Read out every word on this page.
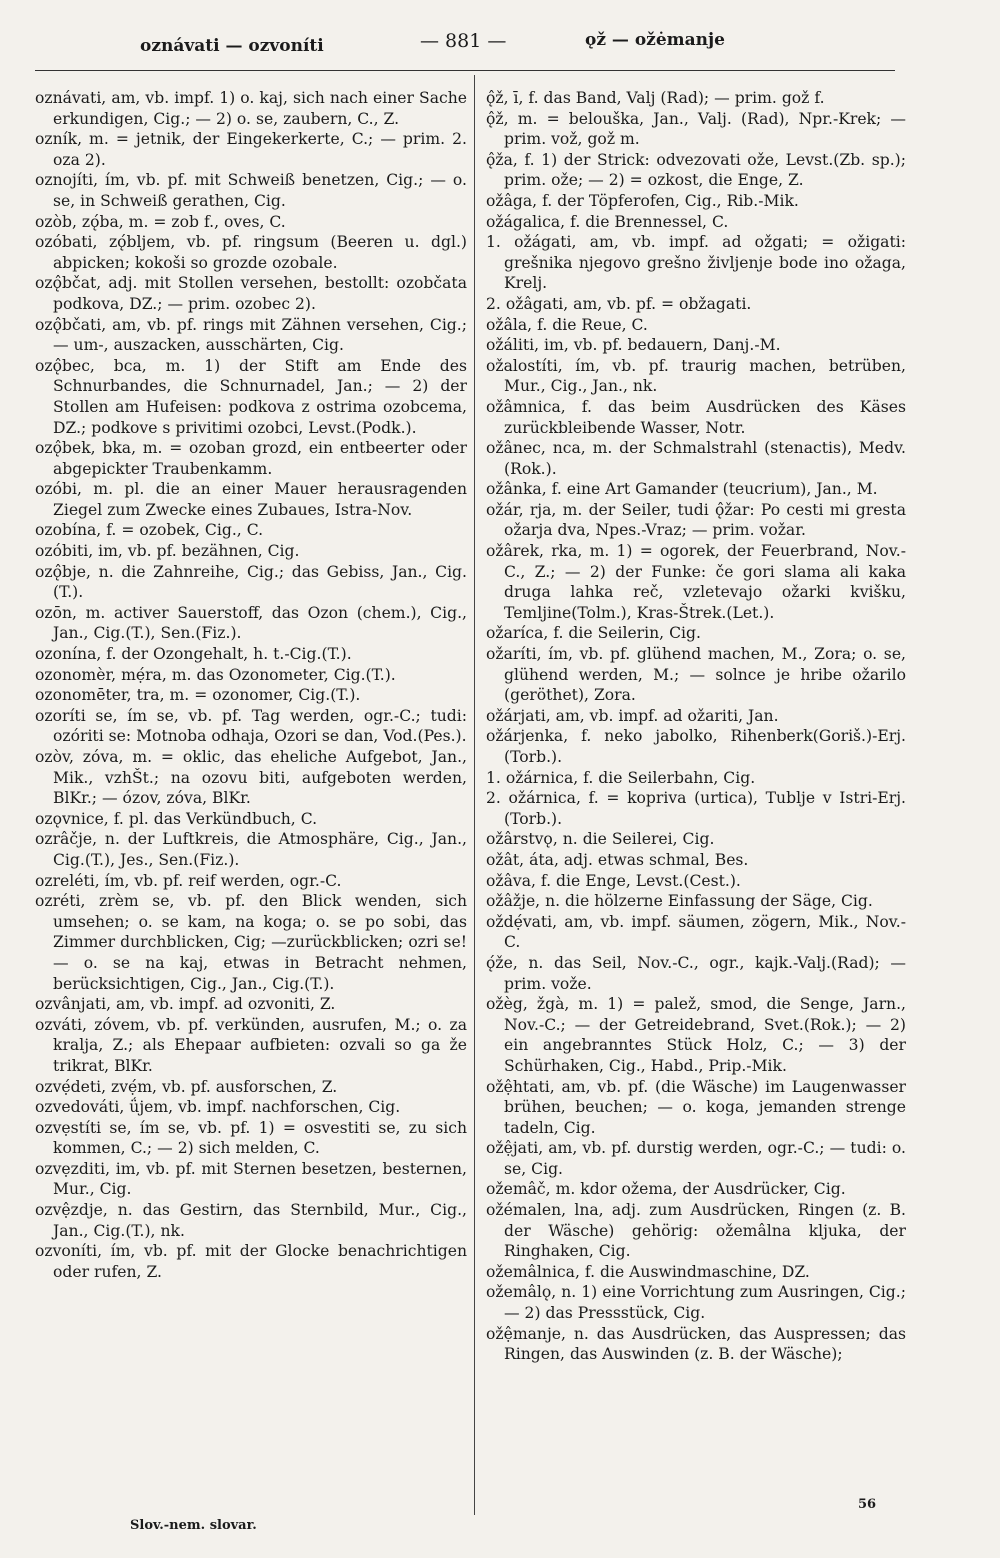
oznávati — ozvoníti	— 881 —	ǫž — ožėmanje

oznávati, am, vb. impf. 1) o. kaj, sich nach einer Sache erkundigen, Cig.; — 2) o. se, zaubern, C., Z.

ozník, m. = jetnik, der Eingekerkerte, C.; — prim. 2. oza 2).

oznojíti, ím, vb. pf. mit Schweiß benetzen, Cig.; — o. se, in Schweiß gerathen, Cig.

ozòb, zǫ́ba, m. = zob f., oves, C.

ozóbati, zǫ́bljem, vb. pf. ringsum (Beeren u. dgl.) abpicken; kokoši so grozde ozobale.

ozǫ̂bčat, adj. mit Stollen versehen, bestollt: ozobčata podkova, DZ.; — prim. ozobec 2).

ozǫ̂bčati, am, vb. pf. rings mit Zähnen versehen, Cig.; — um-, auszacken, ausschärten, Cig.

ozǫ̂bec, bca, m. 1) der Stift am Ende des Schnurbandes, die Schnurnadel, Jan.; — 2) der Stollen am Hufeisen: podkova z ostrima ozobcema, DZ.; podkove s privitimi ozobci, Levst.(Podk.).

ozǫ̂bek, bka, m. = ozoban grozd, ein entbeerter oder abgepickter Traubenkamm.

ozóbi, m. pl. die an einer Mauer herausragenden Ziegel zum Zwecke eines Zubaues, Istra-Nov.

ozobína, f. = ozobek, Cig., C.

ozóbiti, im, vb. pf. bezähnen, Cig.

ozǫ̂bje, n. die Zahnreihe, Cig.; das Gebiss, Jan., Cig.(T.).

ozōn, m. activer Sauerstoff, das Ozon (chem.), Cig., Jan., Cig.(T.), Sen.(Fiz.).

ozonína, f. der Ozongehalt, h. t.-Cig.(T.).

ozonomèr, mẹ́ra, m. das Ozonometer, Cig.(T.).

ozonomēter, tra, m. = ozonomer, Cig.(T.).

ozoríti se, ím se, vb. pf. Tag werden, ogr.-C.; tudi: ozóriti se: Motnoba odhaja, Ozori se dan, Vod.(Pes.).

ozòv, zóva, m. = oklic, das eheliche Aufgebot, Jan., Mik., vzhŠt.; na ozovu biti, aufgeboten werden, BlKr.; — ózov, zóva, BlKr.

ozǫvnice, f. pl. das Verkündbuch, C.

ozrâčje, n. der Luftkreis, die Atmosphäre, Cig., Jan., Cig.(T.), Jes., Sen.(Fiz.).

ozreléti, ím, vb. pf. reif werden, ogr.-C.

ozréti, zrèm se, vb. pf. den Blick wenden, sich umsehen; o. se kam, na koga; o. se po sobi, das Zimmer durchblicken, Cig; —zurückblicken; ozri se! — o. se na kaj, etwas in Betracht nehmen, berücksichtigen, Cig., Jan., Cig.(T.).

ozvânjati, am, vb. impf. ad ozvoniti, Z.

ozváti, zóvem, vb. pf. verkünden, ausrufen, M.; o. za kralja, Z.; als Ehepaar aufbieten: ozvali so ga že trikrat, BlKr.

ozvẹ́deti, zvẹ́m, vb. pf. ausforschen, Z.

ozvedováti, ǘjem, vb. impf. nachforschen, Cig.

ozvẹstíti se, ím se, vb. pf. 1) = osvestiti se, zu sich kommen, C.; — 2) sich melden, C.

ozvẹzditi, im, vb. pf. mit Sternen besetzen, besternen, Mur., Cig.

ozvệzdje, n. das Gestirn, das Sternbild, Mur., Cig., Jan., Cig.(T.), nk.

ozvoníti, ím, vb. pf. mit der Glocke benachrichtigen oder rufen, Z.

ǫ̂ž, ī, f. das Band, Valj (Rad); — prim. gož f.

ǫ̂ž, m. = belouška, Jan., Valj. (Rad), Npr.-Krek; — prim. vož, gož m.

ǫ̂ža, f. 1) der Strick: odvezovati ože, Levst.(Zb. sp.); prim. ože; — 2) = ozkost, die Enge, Z.

ožâga, f. der Töpferofen, Cig., Rib.-Mik.

ožágalica, f. die Brennessel, C.

1. ožágati, am, vb. impf. ad ožgati; = ožigati: grešnika njegovo grešno življenje bode ino ožaga, Krelj.

2. ožâgati, am, vb. pf. = obžagati.

ožâla, f. die Reue, C.

ožáliti, im, vb. pf. bedauern, Danj.-M.

ožalostíti, ím, vb. pf. traurig machen, betrüben, Mur., Cig., Jan., nk.

ožâmnica, f. das beim Ausdrücken des Käses zurückbleibende Wasser, Notr.

ožânec, nca, m. der Schmalstrahl (stenactis), Medv.(Rok.).

ožânka, f. eine Art Gamander (teucrium), Jan., M.

ožár, rja, m. der Seiler, tudi ǫ̂žar: Po cesti mi gresta ožarja dva, Npes.-Vraz; — prim. vožar.

ožârek, rka, m. 1) = ogorek, der Feuerbrand, Nov.-C., Z.; — 2) der Funke: če gori slama ali kaka druga lahka reč, vzletevajo ožarki kvišku, Temljine(Tolm.), Kras-Štrek.(Let.).

ožaríca, f. die Seilerin, Cig.

ožaríti, ím, vb. pf. glühend machen, M., Zora; o. se, glühend werden, M.; — solnce je hribe ožarilo (geröthet), Zora.

ožárjati, am, vb. impf. ad ožariti, Jan.

ožárjenka, f. neko jabolko, Rihenberk(Goriš.)-Erj.(Torb.).

1. ožárnica, f. die Seilerbahn, Cig.

2. ožárnica, f. = kopriva (urtica), Tublje v Istri-Erj.(Torb.).

ožârstvǫ, n. die Seilerei, Cig.

ožât, áta, adj. etwas schmal, Bes.

ožâva, f. die Enge, Levst.(Cest.).

ožâžje, n. die hölzerne Einfassung der Säge, Cig.

oždẹ́vati, am, vb. impf. säumen, zögern, Mik., Nov.-C.

ǫ́že, n. das Seil, Nov.-C., ogr., kajk.-Valj.(Rad); — prim. vože.

ožèg, žgà, m. 1) = palež, smod, die Senge, Jarn., Nov.-C.; — der Getreidebrand, Svet.(Rok.); — 2) ein angebranntes Stück Holz, C.; — 3) der Schürhaken, Cig., Habd., Prip.-Mik.

ožệhtati, am, vb. pf. (die Wäsche) im Laugenwasser brühen, beuchen; — o. koga, jemanden strenge tadeln, Cig.

ožệjati, am, vb. pf. durstig werden, ogr.-C.; — tudi: o. se, Cig.

ožemâč, m. kdor ožema, der Ausdrücker, Cig.

ožémalen, lna, adj. zum Ausdrücken, Ringen (z. B. der Wäsche) gehörig: ožemâlna kljuka, der Ringhaken, Cig.

ožemâlnica, f. die Auswindmaschine, DZ.

ožemâlǫ, n. 1) eine Vorrichtung zum Ausringen, Cig.; — 2) das Pressstück, Cig.

ožệmanje, n. das Ausdrücken, das Auspressen; das Ringen, das Auswinden (z. B. der Wäsche);

Slov.-nem. slovar.
56
